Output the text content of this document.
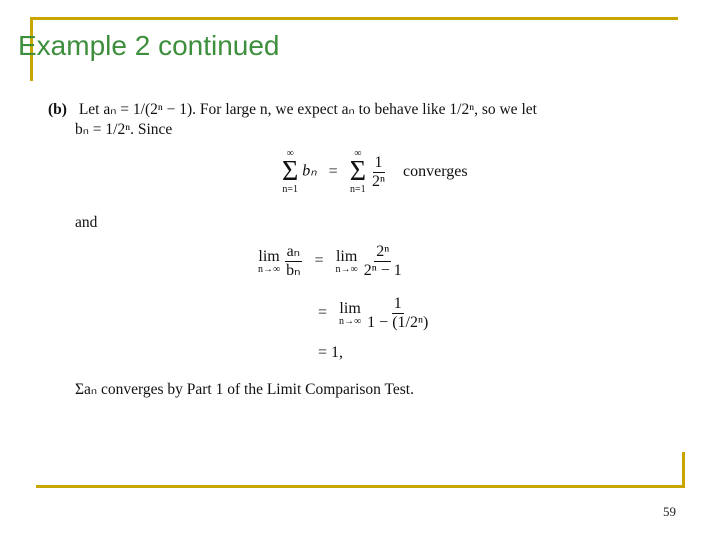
Example 2 continued
(b) Let aₙ = 1/(2ⁿ − 1). For large n, we expect aₙ to behave like 1/2ⁿ, so we let
bₙ = 1/2ⁿ. Since
∞
Σ
n=1
bₙ =
∞
Σ
n=1
$\frac{1}{\text{2ⁿ}}$ converges
and
lim
n→∞
$\frac{\text{aₙ}}{\text{bₙ}} = \lim$
n→∞
$\frac{\text{2ⁿ}}{\text{2ⁿ − 1}}$
= lim
n→∞
$\frac{1}{\text{1 − (1/2ⁿ)}}$
= 1,
Σaₙ converges by Part 1 of the Limit Comparison Test.
59
